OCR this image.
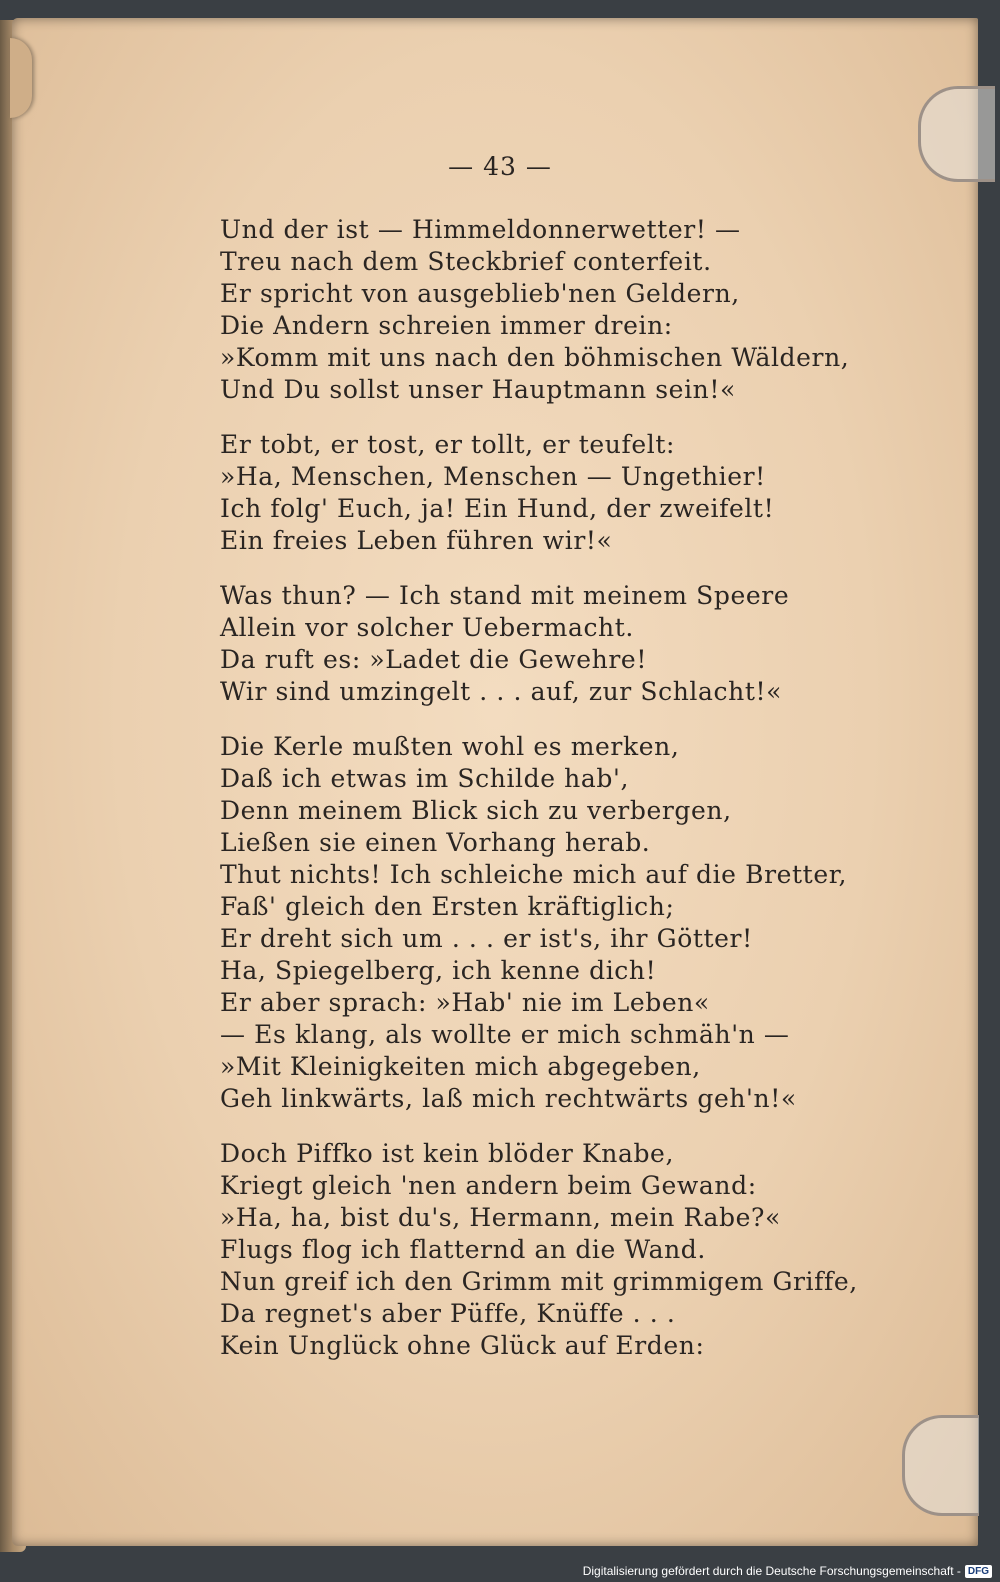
— 43 —
Und der ist — Himmeldonnerwetter! —
Treu nach dem Steckbrief conterfeit.
Er spricht von ausgeblieb'nen Geldern,
Die Andern schreien immer drein:
»Komm mit uns nach den böhmischen Wäldern,
Und Du sollst unser Hauptmann sein!«
Er tobt, er tost, er tollt, er teufelt:
»Ha, Menschen, Menschen — Ungethier!
Ich folg' Euch, ja! Ein Hund, der zweifelt!
Ein freies Leben führen wir!«
Was thun? — Ich stand mit meinem Speere
Allein vor solcher Uebermacht.
Da ruft es: »Ladet die Gewehre!
Wir sind umzingelt . . . auf, zur Schlacht!«
Die Kerle mußten wohl es merken,
Daß ich etwas im Schilde hab',
Denn meinem Blick sich zu verbergen,
Ließen sie einen Vorhang herab.
Thut nichts! Ich schleiche mich auf die Bretter,
Faß' gleich den Ersten kräftiglich;
Er dreht sich um . . . er ist's, ihr Götter!
Ha, Spiegelberg, ich kenne dich!
Er aber sprach: »Hab' nie im Leben«
— Es klang, als wollte er mich schmäh'n —
»Mit Kleinigkeiten mich abgegeben,
Geh linkwärts, laß mich rechtwärts geh'n!«
Doch Piffko ist kein blöder Knabe,
Kriegt gleich 'nen andern beim Gewand:
»Ha, ha, bist du's, Hermann, mein Rabe?«
Flugs flog ich flatternd an die Wand.
Nun greif ich den Grimm mit grimmigem Griffe,
Da regnet's aber Püffe, Knüffe . . .
Kein Unglück ohne Glück auf Erden:
Digitalisierung gefördert durch die Deutsche Forschungsgemeinschaft - DFG
